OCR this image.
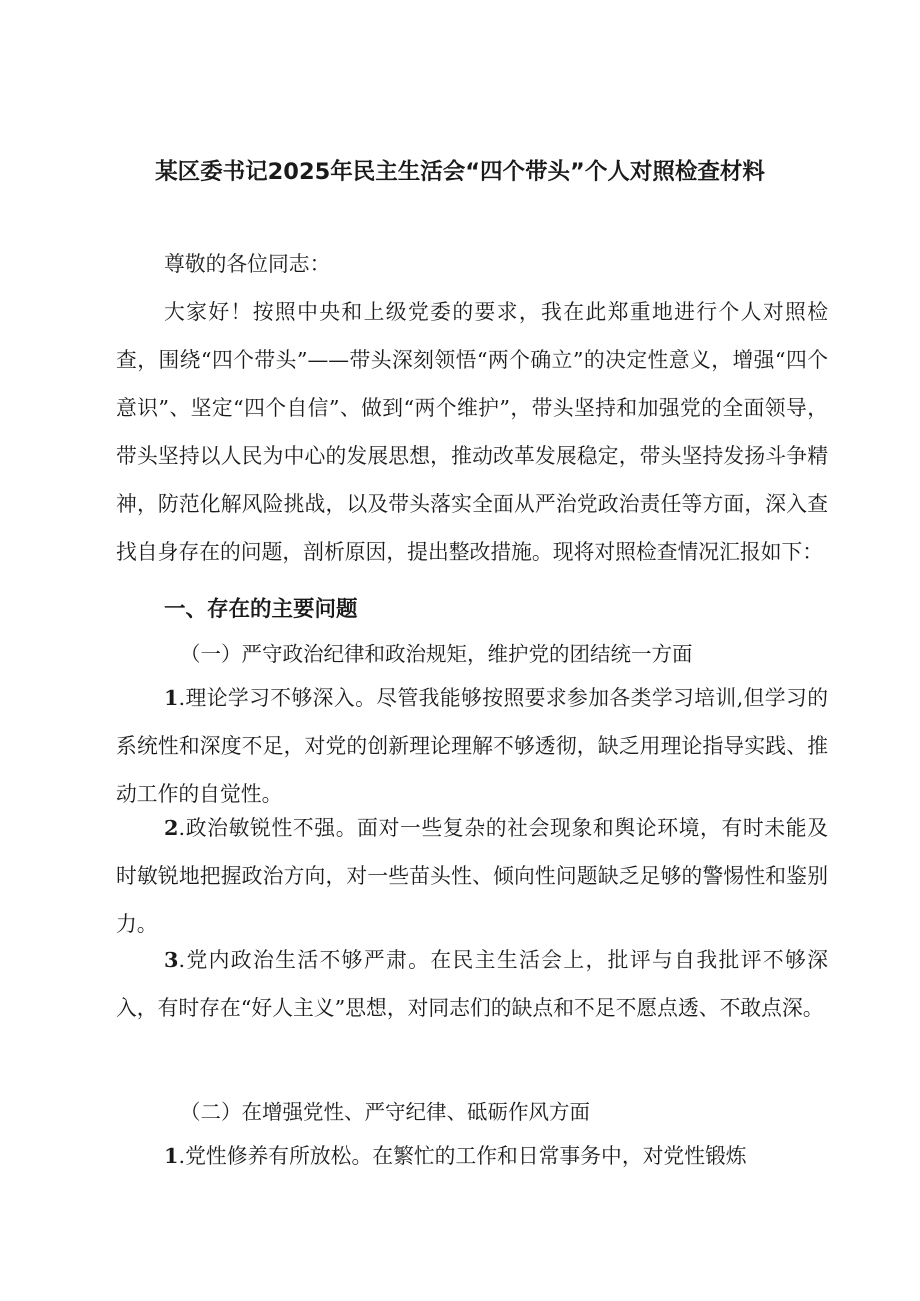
某区委书记2025年民主生活会“四个带头”个人对照检查材料

尊敬的各位同志：

大家好！按照中央和上级党委的要求，我在此郑重地进行个人对照检查，围绕“四个带头”——带头深刻领悟“两个确立”的决定性意义，增强“四个意识”、坚定“四个自信”、做到“两个维护”，带头坚持和加强党的全面领导，带头坚持以人民为中心的发展思想，推动改革发展稳定，带头坚持发扬斗争精神，防范化解风险挑战，以及带头落实全面从严治党政治责任等方面，深入查找自身存在的问题，剖析原因，提出整改措施。现将对照检查情况汇报如下：

一、存在的主要问题
（一）严守政治纪律和政治规矩，维护党的团结统一方面

1.理论学习不够深入。尽管我能够按照要求参加各类学习培训,但学习的系统性和深度不足，对党的创新理论理解不够透彻，缺乏用理论指导实践、推动工作的自觉性。

2.政治敏锐性不强。面对一些复杂的社会现象和舆论环境，有时未能及时敏锐地把握政治方向，对一些苗头性、倾向性问题缺乏足够的警惕性和鉴别力。

3.党内政治生活不够严肃。在民主生活会上，批评与自我批评不够深入，有时存在“好人主义”思想，对同志们的缺点和不足不愿点透、不敢点深。

（二）在增强党性、严守纪律、砥砺作风方面

1.党性修养有所放松。在繁忙的工作和日常事务中，对党性锻炼
